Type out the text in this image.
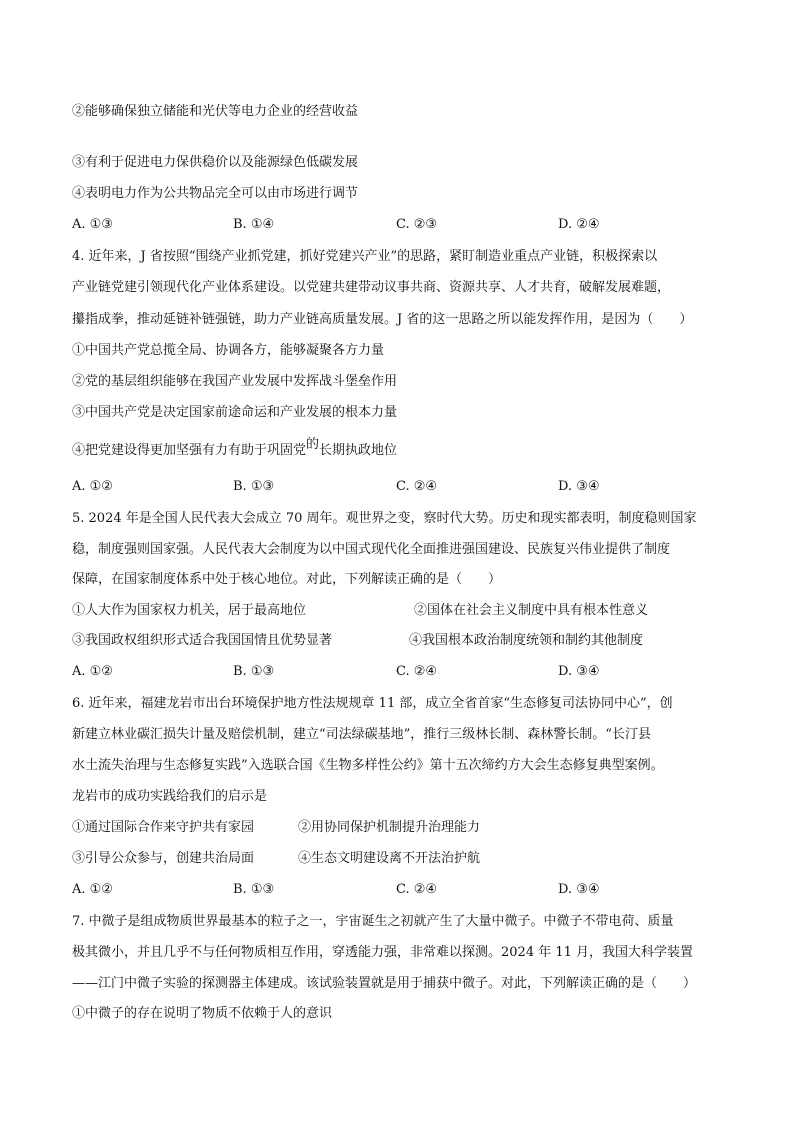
②能够确保独立储能和光伏等电力企业的经营收益
③有利于促进电力保供稳价以及能源绿色低碳发展
④表明电力作为公共物品完全可以由市场进行调节
A. ①③	B. ①④	C. ②③	D. ②④
4. 近年来，J 省按照“围绕产业抓党建，抓好党建兴产业”的思路，紧盯制造业重点产业链，积极探索以
产业链党建引领现代化产业体系建设。以党建共建带动议事共商、资源共享、人才共育，破解发展难题，
攥指成拳，推动延链补链强链，助力产业链高质量发展。J 省的这一思路之所以能发挥作用，是因为（　　）
①中国共产党总揽全局、协调各方，能够凝聚各方力量
②党的基层组织能够在我国产业发展中发挥战斗堡垒作用
③中国共产党是决定国家前途命运和产业发展的根本力量
④把党建设得更加坚强有力有助于巩固党的长期执政地位
A. ①②	B. ①③	C. ②④	D. ③④
5. 2024 年是全国人民代表大会成立 70 周年。观世界之变，察时代大势。历史和现实都表明，制度稳则国家
稳，制度强则国家强。人民代表大会制度为以中国式现代化全面推进强国建设、民族复兴伟业提供了制度
保障，在国家制度体系中处于核心地位。对此，下列解读正确的是（　　）
①人大作为国家权力机关，居于最高地位	②国体在社会主义制度中具有根本性意义
③我国政权组织形式适合我国国情且优势显著	④我国根本政治制度统领和制约其他制度
A. ①②	B. ①③	C. ②④	D. ③④
6. 近年来，福建龙岩市出台环境保护地方性法规规章 11 部，成立全省首家“生态修复司法协同中心”，创
新建立林业碳汇损失计量及赔偿机制，建立“司法绿碳基地”，推行三级林长制、森林警长制。“长汀县
水土流失治理与生态修复实践”入选联合国《生物多样性公约》第十五次缔约方大会生态修复典型案例。
龙岩市的成功实践给我们的启示是
①通过国际合作来守护共有家园	②用协同保护机制提升治理能力
③引导公众参与，创建共治局面	④生态文明建设离不开法治护航
A. ①②	B. ①③	C. ②④	D. ③④
7. 中微子是组成物质世界最基本的粒子之一，宇宙诞生之初就产生了大量中微子。中微子不带电荷、质量
极其微小，并且几乎不与任何物质相互作用，穿透能力强，非常难以探测。2024 年 11 月，我国大科学装置
——江门中微子实验的探测器主体建成。该试验装置就是用于捕获中微子。对此，下列解读正确的是（　　）
①中微子的存在说明了物质不依赖于人的意识
